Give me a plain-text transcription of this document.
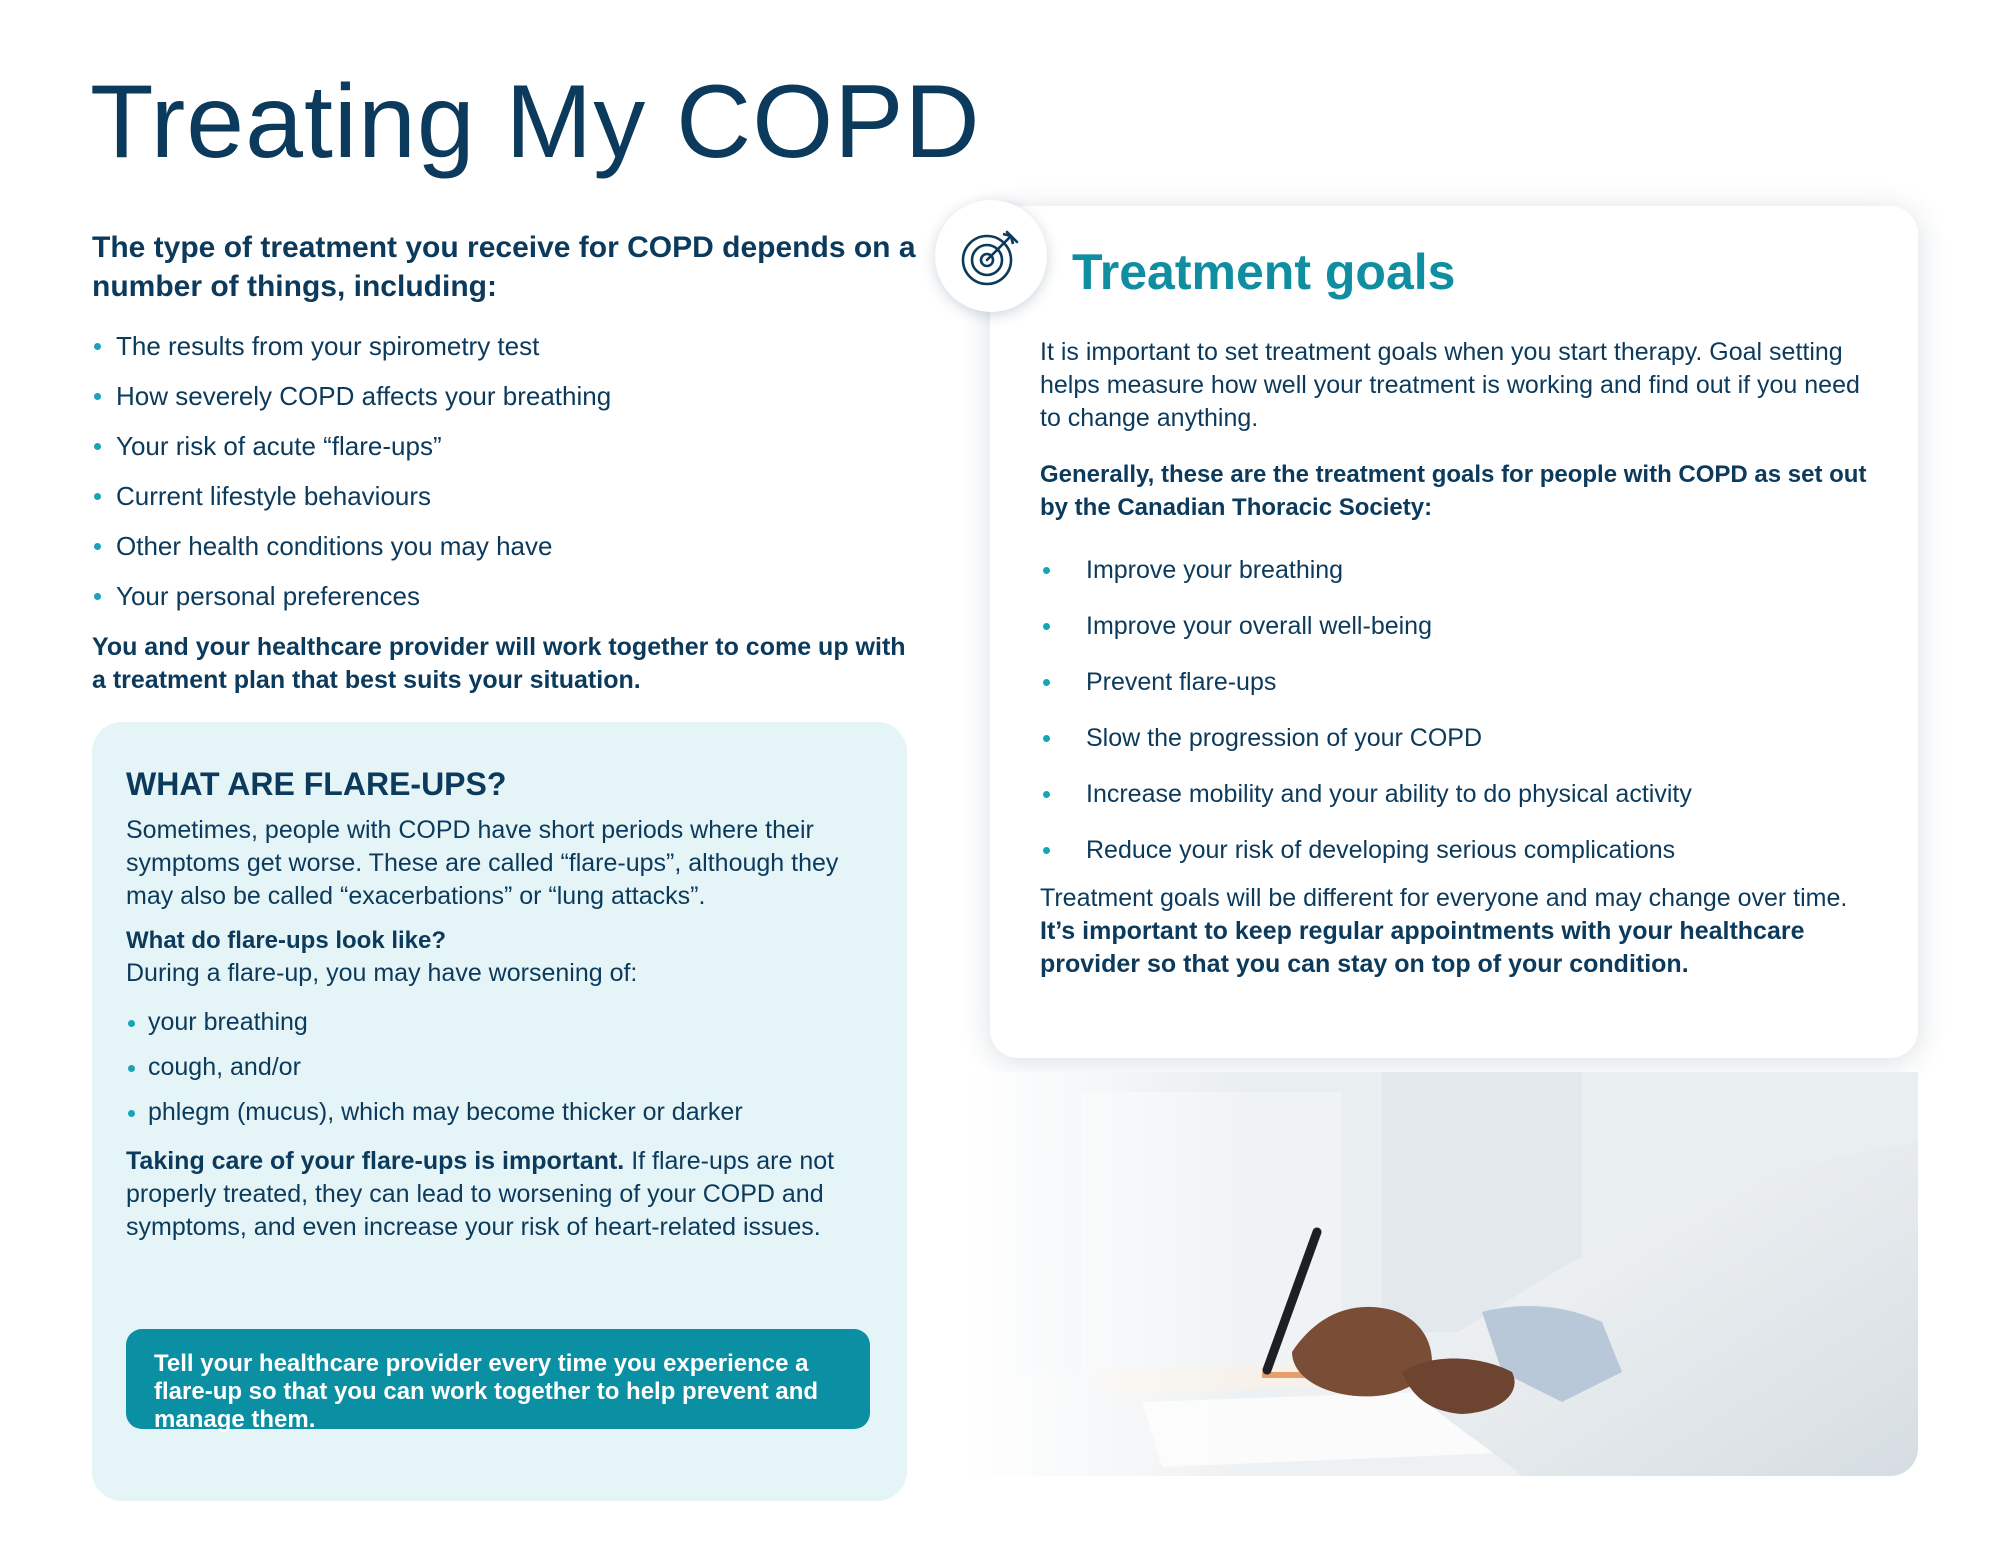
Treating My COPD

The type of treatment you receive for COPD depends on a number of things, including:

The results from your spirometry test
How severely COPD affects your breathing
Your risk of acute “flare-ups”
Current lifestyle behaviours
Other health conditions you may have
Your personal preferences

You and your healthcare provider will work together to come up with a treatment plan that best suits your situation.

WHAT ARE FLARE-UPS?

Sometimes, people with COPD have short periods where their symptoms get worse. These are called “flare-ups”, although they may also be called “exacerbations” or “lung attacks”.

What do flare-ups look like?

During a flare-up, you may have worsening of:

your breathing
cough, and/or
phlegm (mucus), which may become thicker or darker

Taking care of your flare-ups is important. If flare-ups are not properly treated, they can lead to worsening of your COPD and symptoms, and even increase your risk of heart-related issues.

Tell your healthcare provider every time you experience a flare-up so that you can work together to help prevent and manage them.
Treatment goals

It is important to set treatment goals when you start therapy. Goal setting helps measure how well your treatment is working and find out if you need to change anything.

Generally, these are the treatment goals for people with COPD as set out by the Canadian Thoracic Society:

Improve your breathing
Improve your overall well-being
Prevent flare-ups
Slow the progression of your COPD
Increase mobility and your ability to do physical activity
Reduce your risk of developing serious complications

Treatment goals will be different for everyone and may change over time. It’s important to keep regular appointments with your healthcare provider so that you can stay on top of your condition.
